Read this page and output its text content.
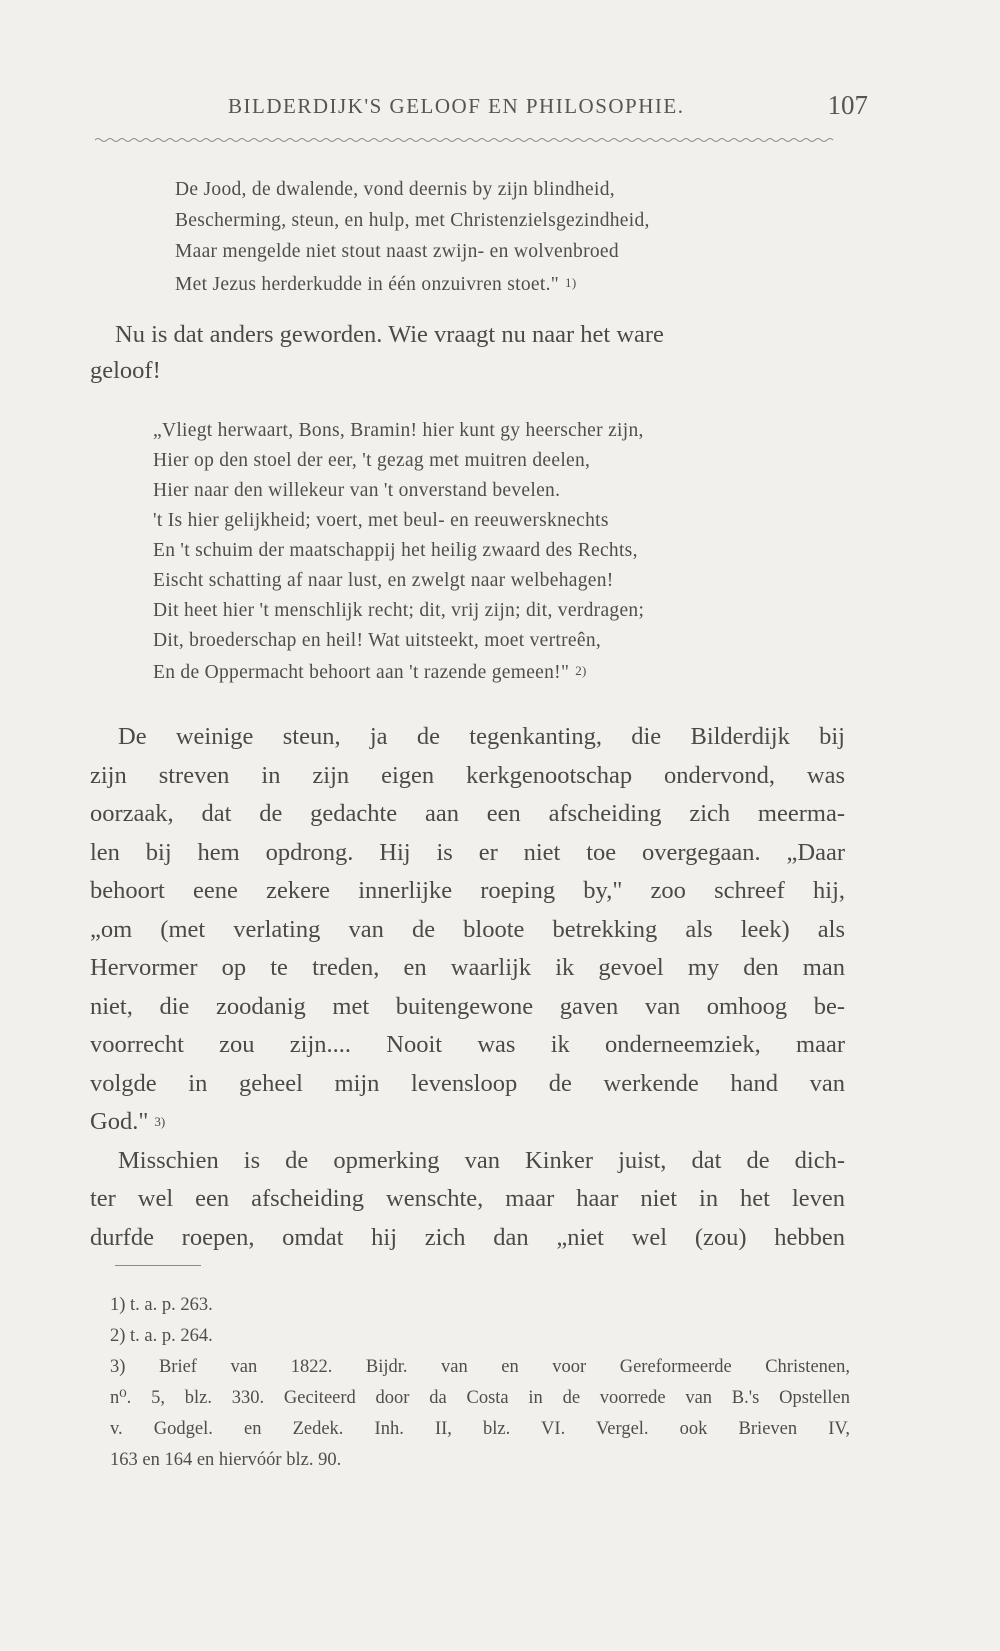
BILDERDIJK'S GELOOF EN PHILOSOPHIE.	107
De Jood, de dwalende, vond deernis by zijn blindheid,
Bescherming, steun, en hulp, met Christenzielsgezindheid,
Maar mengelde niet stout naast zwijn- en wolvenbroed
Met Jezus herderkudde in één onzuivren stoet." 1)
Nu is dat anders geworden. Wie vraagt nu naar het ware
geloof!
„Vliegt herwaart, Bons, Bramin! hier kunt gy heerscher zijn,
Hier op den stoel der eer, 't gezag met muitren deelen,
Hier naar den willekeur van 't onverstand bevelen.
't Is hier gelijkheid; voert, met beul- en reeuwersknechts
En 't schuim der maatschappij het heilig zwaard des Rechts,
Eischt schatting af naar lust, en zwelgt naar welbehagen!
Dit heet hier 't menschlijk recht; dit, vrij zijn; dit, verdragen;
Dit, broederschap en heil! Wat uitsteekt, moet vertreên,
En de Oppermacht behoort aan 't razende gemeen!" 2)
De weinige steun, ja de tegenkanting, die Bilderdijk bij
zijn streven in zijn eigen kerkgenootschap ondervond, was
oorzaak, dat de gedachte aan een afscheiding zich meerma-
len bij hem opdrong. Hij is er niet toe overgegaan. „Daar
behoort eene zekere innerlijke roeping by," zoo schreef hij,
„om (met verlating van de bloote betrekking als leek) als
Hervormer op te treden, en waarlijk ik gevoel my den man
niet, die zoodanig met buitengewone gaven van omhoog be-
voorrecht zou zijn.... Nooit was ik onderneemziek, maar
volgde in geheel mijn levensloop de werkende hand van
God." 3)
Misschien is de opmerking van Kinker juist, dat de dich-
ter wel een afscheiding wenschte, maar haar niet in het leven
durfde roepen, omdat hij zich dan „niet wel (zou) hebben
1) t. a. p. 263.
2) t. a. p. 264.
3) Brief van 1822. Bijdr. van en voor Gereformeerde Christenen,
n⁰. 5, blz. 330. Geciteerd door da Costa in de voorrede van B.'s Opstellen
v. Godgel. en Zedek. Inh. II, blz. VI. Vergel. ook Brieven IV,
163 en 164 en hiervóór blz. 90.
